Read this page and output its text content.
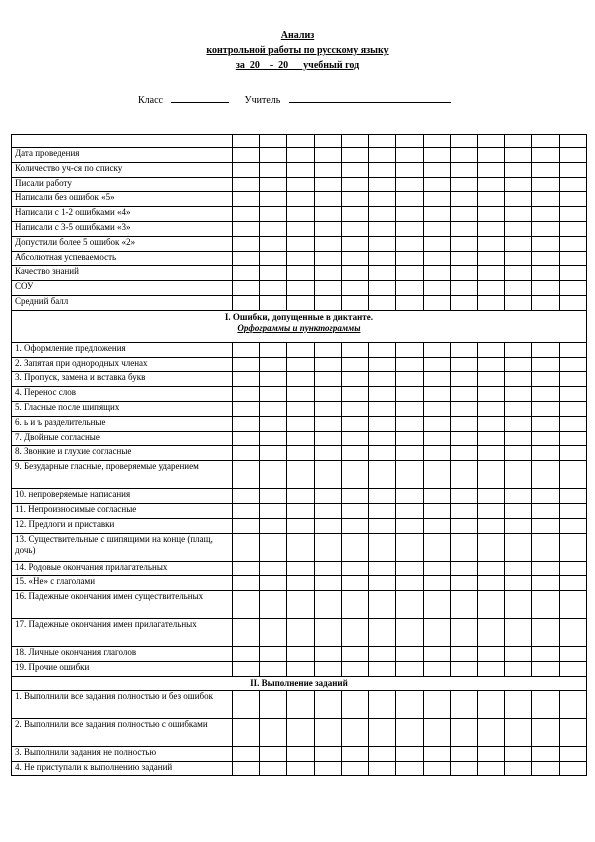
Анализ
контрольной работы по русскому языку
за  20    -  20      учебный год
Класс	Учитель

Дата проведения													
Количество уч-ся по списку													
Писали работу													
Написали без ошибок «5»													
Написали с 1-2 ошибками «4»													
Написали с 3-5 ошибками «3»													
Допустили более 5 ошибок «2»													
Абсолютная успеваемость													
Качество знаний													
СОУ													
Средний балл													
I. Ошибки, допущенные в диктанте.
Орфограммы и пунктограммы													

1. Оформление предложения													
2. Запятая при однородных членах													
3. Пропуск, замена и вставка букв													
4. Перенос слов													
5. Гласные после шипящих													
6. ь и ъ разделительные													
7. Двойные согласные													
8. Звонкие и глухие согласные													
9. Безударные гласные, проверяемые ударением													
10. непроверяемые написания													
11. Непроизносимые согласные													
12. Предлоги и приставки													
13. Существительные с шипящими на конце (плащ, дочь)													
14. Родовые окончания прилагательных													
15. «Не» с глаголами													
16. Падежные окончания имен существительных													
17. Падежные окончания имен прилагательных													
18. Личные окончания глаголов													
19. Прочие ошибки													
II. Выполнение заданий													
1. Выполнили все задания полностью и без ошибок													
2. Выполнили все задания полностью с ошибками													
3. Выполнили задания не полностью													
4. Не приступали к выполнению заданий													
